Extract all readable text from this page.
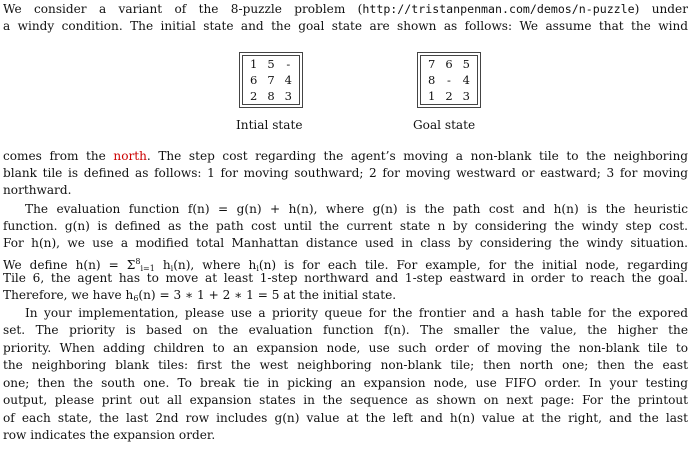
We consider a variant of the 8-puzzle problem (http://tristanpenman.com/demos/n-puzzle) under
a windy condition. The initial state and the goal state are shown as follows: We assume that the wind
1 5	-
6 7 4
2 8 3
Intial state
7 6 5
8	-	4
1 2 3
Goal state
comes from the north. The step cost regarding the agent’s moving a non-blank tile to the neighboring
blank tile is defined as follows: 1 for moving southward; 2 for moving westward or eastward; 3 for moving
northward.
The evaluation function f(n) = g(n) + h(n), where g(n) is the path cost and h(n) is the heuristic
function. g(n) is defined as the path cost until the current state n by considering the windy step cost.
For h(n), we use a modified total Manhattan distance used in class by considering the windy situation.
We define $h(n) = \Sigma^8_{i=1}$ $h_i(n)$, where $h_i(n)$ is for each tile. For example, for the initial node, regarding
Tile 6, the agent has to move at least 1-step northward and 1-step eastward in order to reach the goal.
Therefore, we have $h_6(n) = 3$ ∗ 1 + 2 ∗ 1 = 5 at the initial state.
In your implementation, please use a priority queue for the frontier and a hash table for the expored
set. The priority is based on the evaluation function f(n). The smaller the value, the higher the
priority. When adding children to an expansion node, use such order of moving the non-blank tile to
the neighboring blank tiles: first the west neighboring non-blank tile; then north one; then the east
one; then the south one. To break tie in picking an expansion node, use FIFO order. In your testing
output, please print out all expansion states in the sequence as shown on next page: For the printout
of each state, the last 2nd row includes g(n) value at the left and h(n) value at the right, and the last
row indicates the expansion order.
